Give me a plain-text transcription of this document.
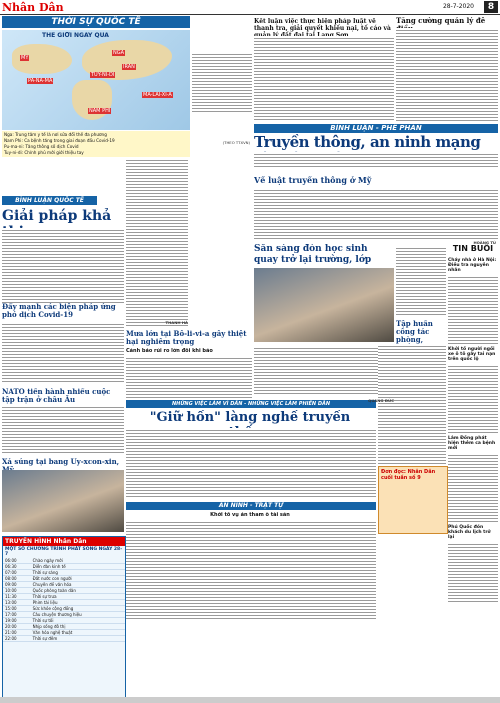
Nhân Dân	28-7-2020	8
THỜI SỰ QUỐC TẾ
THẾ GIỚI NGÀY QUA
NGA
MỸ
TUY-NI-DI
NAM PHI
PA-NA-MA
MA-LAI-XI-A
IRAN
Nga: Trung tâm y tế là nơi sửa đổi thế đa phương
Nam Phi: Ca bệnh tăng trong giai đoạn đầu Covid-19
Pu-ma-ni: Tăng thông số dịch Covid
Tuy-ni-di: Chính phủ mới giới thiệu tay
Kết luận việc thực hiện pháp luật về thanh tra, giải quyết khiếu nại, tố cáo và
Tăng cường quản lý đê
BÌNH LUẬN - PHÊ PHÁN
Truyền thông, an ninh mạng
BÌNH LUẬN QUỐC TẾ
Giải pháp khả
Đẩy mạnh các biện pháp ứng phó dịch Covid-19
NATO tiến hành nhiều cuộc tập trận ở châu Âu
Xả súng tại bang Uy-xcon-xin,
Mưa lớn tại Bô-li-vi-a gây thiệt hại nghiêm trọng
Cảnh báo rủi ro lớn đối khi bảo
NHỮNG VIỆC LÀM VÌ DÂN - NHỮNG VIỆC LÀM PHIỀN DÂN
"Giữ hồn" làng nghề truyền
AN NINH - TRẬT TỰ
Khởi tố vụ án tham ô tài sản
Về luật truyền thông ở Mỹ
Sẵn sàng đón học sinh quay trở lại trường, lớp
Tập huấn công tác phòng,
TIN BUỔI
Cháy nhà ở Hà Nội: Điều tra nguyên nhân
Khởi tố người ngồi xe ô tô gây tai nạn trên quốc lộ
Lâm Đồng phát hiện thêm ca bệnh mới
Phú Quốc đón khách du lịch trở lại
Đơn đọc: Nhân Dân cuối tuần số 9
TRUYỀN HÌNH Nhân Dân
MỘT SỐ CHƯƠNG TRÌNH PHÁT SÓNG NGÀY 28-7
06:00	Chào ngày mới
06:30	Diễn đàn kinh tế
07:00	Thời sự sáng
08:00	Đất nước con người
09:00	Chuyên đề văn hóa
10:00	Quốc phòng toàn dân
11:30	Thời sự trưa
13:00	Phim tài liệu
15:00	Sức khỏe cộng đồng
17:00	Câu chuyện thương hiệu
19:00	Thời sự tối
20:00	Nhịp sống đô thị
21:00	Văn hóa nghệ thuật
22:00	Thời sự đêm
(THEO TTXVN)
THANH HÀ
HOÀNG TÚ
QUANG ĐỨC
